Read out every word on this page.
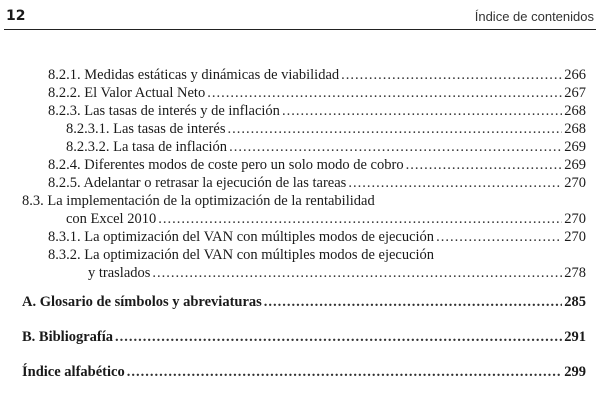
12	Índice de contenidos
8.2.1. Medidas estáticas y dinámicas de viabilidad .....	266
8.2.2. El Valor Actual Neto .....	267
8.2.3. Las tasas de interés y de inflación .....	268
8.2.3.1. Las tasas de interés .....	268
8.2.3.2. La tasa de inflación .....	269
8.2.4. Diferentes modos de coste pero un solo modo de cobro .....	269
8.2.5. Adelantar o retrasar la ejecución de las tareas .....	270
8.3. La implementación de la optimización de la rentabilidad
con Excel 2010 .....	270
8.3.1. La optimización del VAN con múltiples modos de ejecución .....	270
8.3.2. La optimización del VAN con múltiples modos de ejecución
y traslados .....	278
A. Glosario de símbolos y abreviaturas .....	285
B. Bibliografía .....	291
Índice alfabético .....	299
